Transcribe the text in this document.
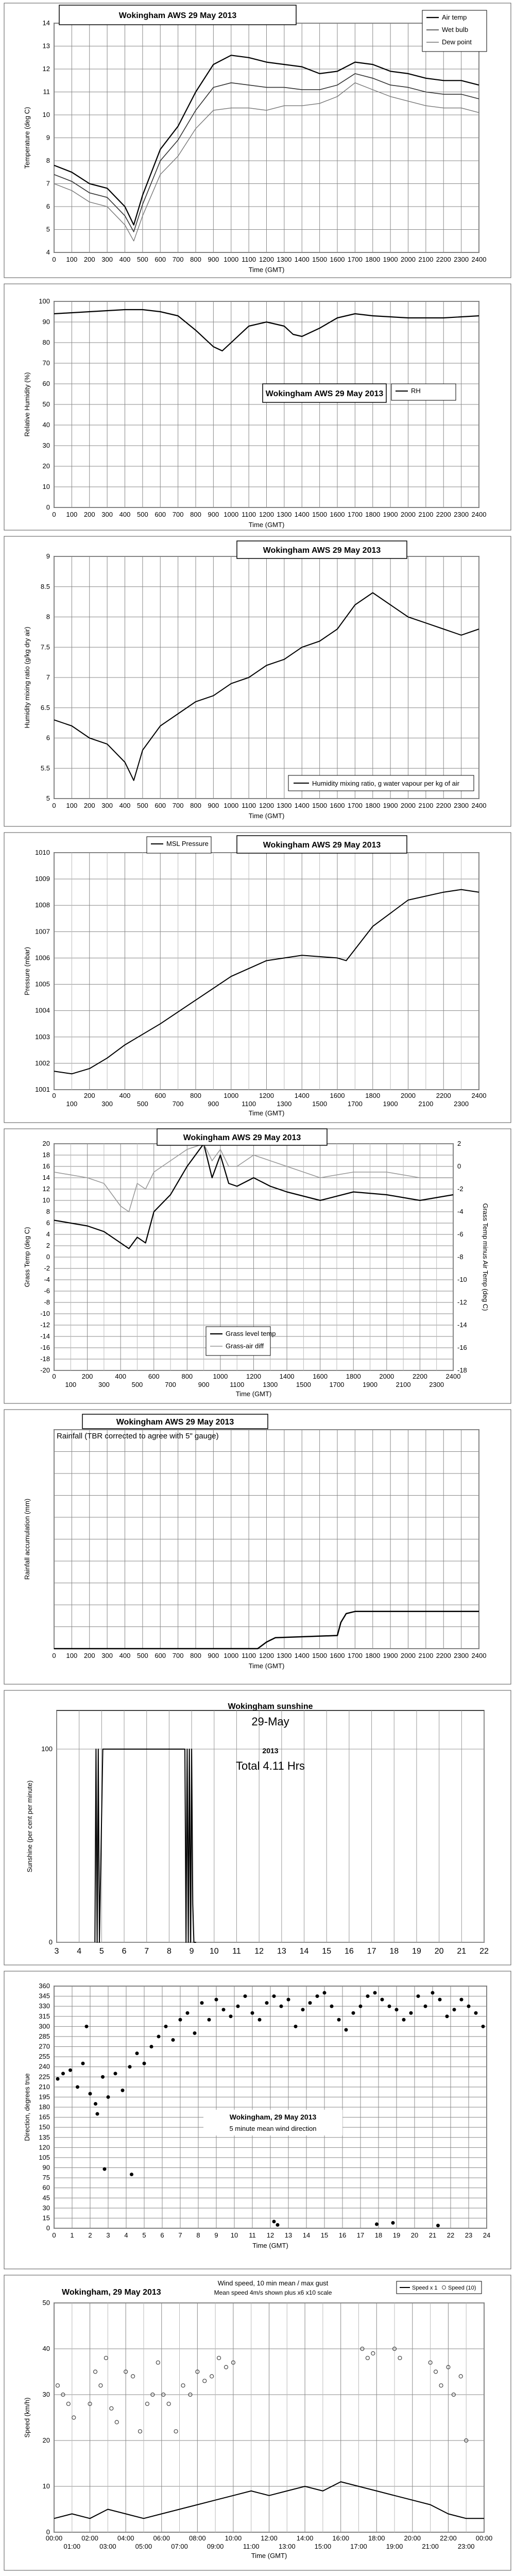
4
5
6
7
8
9
10
11
12
13
14
0 100 200 300 400 500 600 700 800 900 1000 1100 1200 1300 1400 1500 1600 1700 1800 1900 2000 2100 2200 2300 2400
Time (GMT)
Temperature (deg C)
Wokingham AWS 29 May 2013	Air temp
Wet bulb
Dew point
0
10
20
30
40
50
60
70
80
90
100
0 100 200 300 400 500 600 700 800 900 1000 1100 1200 1300 1400 1500 1600 1700 1800 1900 2000 2100 2200 2300 2400
Time (GMT)
Relative Humidity (%)	Wokingham AWS 29 May 2013	RH
5
5.5
6
6.5
7
7.5
8
8.5
9
0 100 200 300 400 500 600 700 800 900 1000 1100 1200 1300 1400 1500 1600 1700 1800 1900 2000 2100 2200 2300 2400
Time (GMT)
Humidity mixing ratio (g/kg dry air)
Wokingham AWS 29 May 2013
Humidity mixing ratio, g water vapour per kg of air
1001
1002
1003
1004
1005
1006
1007
1008
1009
1010
0	200	400	600	800	1000	1200	1400	1600	1800	2000	2200	2400
100	300	500	700	900	1100	1300	1500	1700	1900	2100	2300
Time (GMT)
Pressure (mbar)
Wokingham AWS 29 May 2013
MSL Pressure
-20
-18
-16
-14
-12
-10
-8
-6
-4
-2
0
2
4
6
8
10
12
14
16
18
20
0	200	400	600	800	1000	1200	1400	1600	1800	2000	2200	2400
100	300	500	700	900	1100	1300	1500	1700	1900	2100	2300
Time (GMT)
Grass Temp (deg C)
-18
-16
-14
-12
-10
-8
-6
-4
-2
0
2
Grass Temp minus Air Temp (deg C)
Wokingham AWS 29 May 2013
Grass level temp
Grass-air diff
0 100 200 300 400 500 600 700 800 900 1000 1100 1200 1300 1400 1500 1600 1700 1800 1900 2000 2100 2200 2300 2400
Time (GMT)
Rainfall accumulation (mm)
Wokingham AWS 29 May 2013
Rainfall (TBR corrected to agree with 5" gauge)
3 4 5 6 7 8 9 10 11 12 13 14 15 16 17 18 19 20 21 22
0
100
Sunshine (per cent per minute)
Wokingham sunshine
29-May
2013
Total 4.11 Hrs
0
15
30
45
60
75
90
105
120
135
150
165
180
195
210
225
240
255
270
285
300
315
330
345
360
0 1 2 3 4 5 6 7 8 9 10 11 12 13 14 15 16 17 18 19 20 21 22 23 24
Time (GMT)
Direction, degrees true	Wokingham, 29 May 2013
5 minute mean wind direction
0
10
20
30
40
50
00:00	02:00	04:00	06:00	08:00	10:00	12:00	14:00	16:00	18:00	20:00	22:00	00:00
01:00	03:00	05:00	07:00	09:00	11:00	13:00	15:00	17:00	19:00	21:00	23:00
Time (GMT)
Speed (km/h)
Wokingham, 29 May 2013
Wind speed, 10 min mean / max gust
Mean speed 4m/s shown plus x6 x10 scale
Speed x 1 Speed (10)
